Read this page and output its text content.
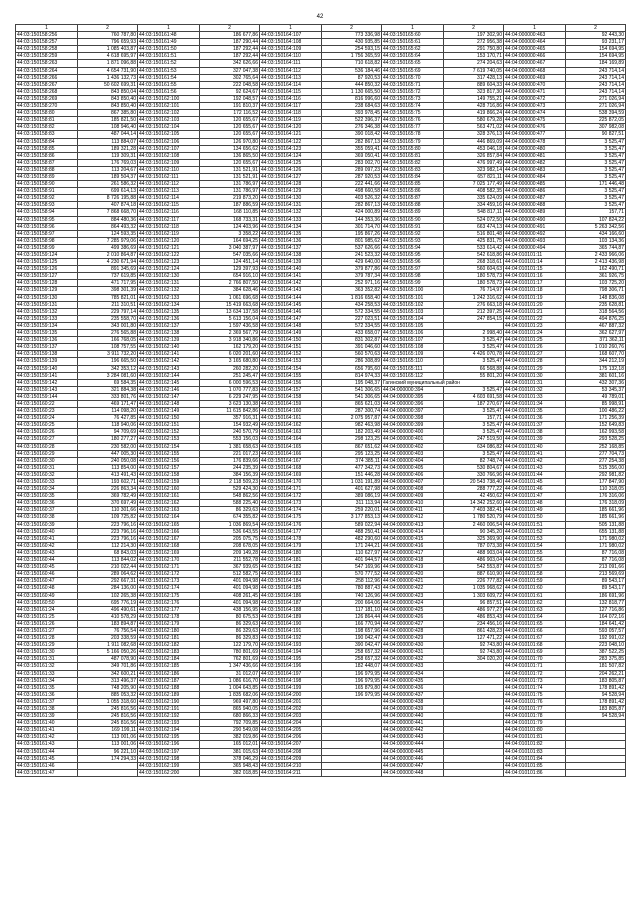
42
1	2	1	2	1	2	1	2	1	2
44:03:150158:256	760 787,80	44:03:150161:48	186 677,86	44:03:150164:107	773 336,98	44:03:150165:60	197 302,90	44:04:000000:463	92 443,30
44:03:150158:257	796 659,93	44:03:150161:49	187 290,44	44:03:150164:108	430 935,85	44:03:150165:61	272 956,38	44:04:000000:464	93 231,17
44:03:150158:258	1 085 403,87	44:03:150161:50	187 292,44	44:03:150164:109	254 593,15	44:03:150165:62	291 750,80	44:04:000000:465	154 694,95
44:03:150158:259	4 618 695,97	44:03:150161:51	187 292,44	44:03:150164:110	1 756 365,59	44:03:150165:64	153 170,71	44:04:000000:466	154 694,95
44:03:150158:263	1 871 096,88	44:03:150161:52	342 626,66	44:03:150164:111	710 618,82	44:03:150165:65	274 204,63	44:04:000000:467	184 169,89
44:03:150158:264	4 654 731,90	44:03:150161:53	327 047,38	44:03:150164:112	536 184,46	44:03:150165:69	7 619 740,05	44:04:000000:468	243 714,14
44:03:150158:266	1 436 132,73	44:03:150161:54	302 765,64	44:03:150164:113	87 920,53	44:03:150165:70	317 428,13	44:04:000000:469	243 714,14
44:03:150158:267	50 602 699,31	44:03:150161:55	222 048,58	44:03:150164:114	444 850,32	44:03:150165:71	889 604,33	44:04:000000:470	243 714,14
44:03:150158:268	843 850,04	44:03:150161:56	92 624,67	44:03:150164:115	1 130 665,50	44:03:150165:72	323 817,30	44:04:000000:471	243 714,14
44:03:150158:269	843 850,40	44:03:150162:100	192 048,57	44:03:150164:116	816 996,60	44:03:150165:73	149 755,21	44:04:000000:472	271 026,94
44:03:150158:270	843 850,40	44:03:150162:101	191 810,37	44:03:150164:117	238 684,63	44:03:150165:74	428 716,86	44:04:000000:473	271 026,94
44:03:150158:80	867 385,80	44:03:150162:102	172 116,52	44:03:150164:118	393 978,45	44:03:150165:75	419 866,24	44:04:000000:474	538 394,59
44:03:150158:81	185 821,50	44:03:150162:103	120 655,67	44:03:150164:119	522 396,37	44:03:150165:76	580 679,28	44:04:000000:475	225 872,05
44:03:150158:82	108 946,40	44:03:150162:104	120 655,67	44:03:150164:120	276 346,38	44:03:150165:77	563 471,02	44:04:000000:476	307 982,08
44:03:150158:83	487 044,14	44:03:150162:105	120 655,67	44:03:150164:121	390 018,42	44:03:150165:78	328 376,13	44:04:000000:477	90 827,51
44:03:150158:84	113 884,07	44:03:150162:106	126 970,80	44:03:150164:122	282 867,13	44:03:150165:79	446 869,09	44:04:000000:478	3 525,47
44:03:150158:85	189 321,28	44:03:150162:107	134 656,62	44:03:150164:123	355 059,41	44:03:150165:80	453 046,18	44:04:000000:480	3 525,47
44:03:150158:86	119 309,31	44:03:150162:108	136 865,50	44:03:150164:124	369 050,41	44:03:150165:81	326 857,84	44:04:000000:481	3 525,47
44:03:150158:87	176 769,03	44:03:150162:109	120 655,67	44:03:150164:125	283 002,70	44:03:150165:82	476 997,49	44:04:000000:482	3 525,47
44:03:150158:88	113 204,67	44:03:150162:110	131 521,91	44:03:150164:126	289 097,23	44:03:150165:83	323 982,14	44:04:000000:483	3 525,47
44:03:150158:89	189 504,37	44:03:150162:111	131 521,91	44:03:150164:127	287 920,53	44:03:150165:84	657 821,11	44:04:000000:484	3 525,47
44:03:150158:90	261 586,32	44:03:150162:112	131 786,97	44:03:150164:128	222 441,66	44:03:150165:85	7 025 177,49	44:04:000000:485	171 446,48
44:03:150158:91	699 614,13	44:03:150162:113	131 786,97	44:03:150164:129	498 660,58	44:03:150165:86	408 582,35	44:04:000000:486	3 525,47
44:03:150158:92	8 726 195,88	44:03:150162:114	219 873,20	44:03:150164:130	403 526,32	44:03:150165:87	335 624,09	44:04:000000:487	3 525,47
44:03:150158:93	407 874,18	44:03:150162:115	187 886,59	44:03:150164:131	282 867,13	44:03:150165:88	334 459,16	44:04:000000:488	3 525,47
44:03:150158:94	7 868 668,70	44:03:150162:116	168 110,85	44:03:150164:132	424 000,89	44:03:150165:89	548 817,11	44:04:000000:489	157,71
44:03:150158:95	884 480,36	44:03:150162:117	168 733,31	44:03:150164:133	144 353,36	44:03:150165:90	524 072,50	44:04:000000:490	107 824,22
44:03:150158:96	864 493,32	44:03:150162:118	124 403,96	44:03:150164:134	301 714,70	44:03:150165:91	663 474,13	44:04:000000:491	5 263 342,56
44:03:150158:97	124 593,35	44:03:150162:119	3 358,22	44:03:150164:135	195 867,26	44:03:150165:92	516 801,48	44:04:000000:492	434 166,60
44:03:150158:98	7 285 979,06	44:03:150162:120	164 694,25	44:03:150164:136	801 985,62	44:03:150165:93	425 831,75	44:04:000000:493	103 134,36
44:03:150158:99	499 386,69	44:03:150162:121	3 040 387,97	44:03:150164:137	537 626,66	44:03:150165:94	533 614,42	44:04:000000:494	365 744,87
44:03:150159:124	2 010 864,87	44:03:150162:122	547 035,66	44:03:150164:138	241 523,32	44:03:150165:95	542 618,86	44:04:010101:11	2 433 966,06
44:03:150159:125	4 230 671,94	44:03:150162:123	124 451,14	44:03:150164:139	429 640,00	44:03:150165:96	268 318,61	44:04:010101:14	2 413 436,98
44:03:150159:126	891 345,69	44:03:150162:124	129 397,93	44:03:150164:140	379 877,86	44:03:150165:97	560 604,63	44:04:010101:15	162 490,71
44:03:150159:127	737 619,85	44:03:150162:130	654 916,10	44:03:150164:141	379 787,34	44:03:150165:98	180 578,73	44:04:010101:16	361 926,75
44:03:150159:128	471 717,95	44:03:150162:131	2 766 807,50	44:03:150164:142	252 971,16	44:03:150165:99	180 578,73	44:04:010101:17	103 725,20
44:03:150159:129	398 301,39	44:03:150162:132	384 628,46	44:03:150164:143	363 352,82	44:03:150165:100	76 714,97	44:04:010101:18	798 306,71
44:03:150159:130	785 821,01	44:03:150162:133	1 061 696,68	44:03:150164:144	1 816 658,40	44:03:150165:101	1 242 316,62	44:04:010101:19	148 836,08
44:03:150159:131	211 310,51	44:03:150162:134	15 419 663,68	44:03:150164:145	434 258,53	44:03:150165:102	276 663,18	44:04:010101:20	235 628,81
44:03:150159:132	229 797,14	44:03:150162:135	13 634 137,58	44:03:150164:146	572 334,55	44:03:150165:103	212 397,25	44:04:010101:21	318 564,56
44:03:150159:133	235 558,70	44:03:150162:136	5 613 156,04	44:03:150164:147	227 023,51	44:03:150165:104	247 854,15	44:04:010101:22	494 876,25
44:03:150159:134	343 001,80	44:03:150162:137	1 597 436,58	44:03:150164:148	572 334,55	44:03:150165:105		44:04:010101:23	467 887,32
44:03:150159:135	276 565,88	44:03:150162:138	2 369 567,79	44:03:150164:149	433 658,07	44:03:150165:106	2 998,40	44:04:010101:24	362 627,97
44:03:150159:136	166 768,05	44:03:150162:139	3 918 340,86	44:03:150164:150	831 302,87	44:03:150165:107	3 525,47	44:04:010101:25	371 362,11
44:03:150159:137	108 757,55	44:03:150162:140	162 179,20	44:03:150164:151	391 046,60	44:03:150165:108	3 525,47	44:04:010101:26	1 010 260,76
44:03:150159:138	3 911 732,20	44:03:150162:141	6 020 201,60	44:03:150164:152	560 570,63	44:03:150165:109	4 426 070,78	44:04:010101:27	168 607,70
44:03:150159:139	196 665,50	44:03:150162:142	3 165 680,80	44:03:150164:153	286 308,89	44:03:150165:110	3 525,47	44:04:010101:28	344 212,19
44:03:150159:140	342 353,12	44:03:150162:143	260 282,20	44:03:150164:154	656 795,60	44:03:150165:111	66 568,88	44:04:010101:29	175 132,18
44:03:150159:141	3 284 081,60	44:03:150162:144	251 245,47	44:03:150164:155	814 974,33	44:03:150165:112	55 801,20	44:04:010101:30	381 601,16
44:03:150159:142	69 584,35	44:03:150162:145	6 000 596,53	44:03:150164:156	195 048,37	Гагинский муниципальный район		44:04:010101:31	432 307,36
44:03:150159:143	321 884,38	44:03:150162:146	1 070 777,83	44:03:150164:157	541 306,65	44:04:000000:394	3 525,47	44:04:010101:32	53 345,37
44:03:150159:144	333 801,76	44:03:150162:147	6 229 247,95	44:03:150164:158	541 306,65	44:04:000000:395	4 603 691,58	44:04:010101:33	49 789,01
44:03:150160:22	469 171,47	44:03:150162:148	3 623 130,38	44:03:150164:159	865 621,03	44:04:000000:396	187 270,67	44:04:010101:34	85 998,91
44:03:150160:23	114 098,20	44:03:150162:149	11 615 842,86	44:03:150164:160	287 300,74	44:04:000000:397	3 525,47	44:04:010101:35	100 486,22
44:03:150160:24	76 427,85	44:03:150162:150	357 916,31	44:03:150164:161	2 075 957,87	44:04:000000:398	157,71	44:04:010101:36	171 256,39
44:03:150160:25	118 940,06	44:03:150162:151	154 932,49	44:03:150164:162	982 463,98	44:04:000000:399	3 525,47	44:04:010101:37	152 649,83
44:03:150160:26	94 709,69	44:03:150162:152	240 570,79	44:03:150164:163	182 203,49	44:04:000000:400	3 525,47	44:04:010101:38	162 993,58
44:03:150160:27	180 277,27	44:03:150162:153	553 156,03	44:03:150164:164	298 123,25	44:04:000000:401	247 519,50	44:04:010101:39	293 528,25
44:03:150160:28	230 582,00	44:03:150162:154	1 381 658,63	44:03:150164:165	867 651,62	44:04:000000:402	634 086,82	44:04:010101:40	252 168,85
44:03:150160:29	447 005,30	44:03:150162:155	221 017,23	44:03:150164:166	295 123,25	44:04:000000:403	3 525,47	44:04:010101:41	277 704,73
44:03:150160:30	240 050,08	44:03:150162:156	176 839,66	44:03:150164:167	374 385,11	44:04:000000:404	82 748,74	44:04:010101:42	277 254,38
44:03:150160:31	113 854,00	44:03:150162:157	244 235,39	44:03:150164:168	477 342,73	44:04:000000:405	530 804,67	44:04:010101:43	515 356,00
44:03:150160:32	413 491,43	44:03:150162:158	384 156,39	44:03:150164:169	151 446,28	44:04:000000:406	330 766,96	44:04:010101:44	292 981,82
44:03:150160:33	193 602,71	44:03:150162:159	2 118 509,23	44:03:150164:170	1 031 191,89	44:04:000000:407	20 543 738,40	44:04:010101:45	177 847,90
44:03:150160:34	226 863,34	44:03:150162:160	529 424,30	44:03:150164:171	401 627,98	44:04:000000:408	288 777,22	44:04:010101:46	110 318,05
44:03:150160:35	369 782,49	44:03:150162:161	548 862,56	44:03:150164:172	389 086,19	44:04:000000:409	42 450,62	44:04:010101:47	176 316,06
44:03:150160:36	370 697,49	44:03:150162:162	588 225,40	44:03:150164:173	311 113,94	44:04:000000:410	14 342 252,60	44:04:010101:48	176 318,09
44:03:150160:37	110 301,66	44:03:150162:163	86 329,63	44:03:150164:174	259 220,01	44:04:000000:411	7 403 382,41	44:04:010101:49	185 661,96
44:03:150160:38	109 725,82	44:03:150162:164	674 355,82	44:03:150164:175	3 177 853,13	44:04:000000:412	1 780 520,79	44:04:010101:50	185 661,96
44:03:150160:39	223 796,16	44:03:150162:165	1 036 869,54	44:03:150164:176	589 022,94	44:04:000000:413	2 460 006,54	44:04:010101:51	505 131,88
44:03:150160:40	223 796,16	44:03:150162:166	536 643,55	44:03:150164:177	488 250,41	44:04:000000:414	90 345,20	44:04:010101:52	655 131,88
44:03:150160:41	223 796,16	44:03:150162:167	205 075,75	44:03:150164:178	482 290,60	44:04:000000:415	325 369,90	44:04:010101:53	171 980,02
44:03:150160:42	112 214,30	44:03:150162:168	208 678,05	44:03:150164:179	171 244,21	44:04:000000:416	787 073,38	44:04:010101:54	171 980,02
44:03:150160:43	68 843,03	44:03:150162:169	209 149,28	44:03:150164:180	110 627,97	44:04:000000:417	488 903,04	44:04:010101:55	87 716,08
44:03:150160:44	113 844,02	44:03:150162:170	211 552,78	44:03:150164:181	401 944,57	44:04:000000:418	486 903,04	44:04:010101:56	87 716,08
44:03:150160:45	210 022,44	44:03:150162:171	367 939,65	44:03:150164:182	547 169,96	44:04:000000:419	542 553,87	44:04:010101:57	213 091,66
44:03:150160:46	289 064,62	44:03:150162:172	512 582,75	44:03:150164:183	570 777,52	44:04:000000:420	887 610,90	44:04:010101:58	213 569,69
44:03:150160:47	292 667,31	44:03:150162:173	401 094,98	44:03:150164:184	258 112,96	44:04:000000:421	226 777,82	44:04:010101:59	89 543,17
44:03:150160:48	284 136,00	44:03:150162:174	401 094,98	44:03:150164:185	780 887,43	44:04:000000:422	1 035 968,62	44:04:010101:60	89 543,17
44:03:150160:49	102 265,38	44:03:150162:175	408 261,45	44:03:150164:186	740 126,96	44:04:000000:423	1 303 609,72	44:04:010101:61	186 691,96
44:03:150160:50	695 776,19	44:03:150162:176	401 094,98	44:03:150164:187	200 664,06	44:04:000000:424	96 857,51	44:04:010101:62	132 818,77
44:03:150161:24	496 490,61	44:03:150162:177	438 156,95	44:03:150164:188	117 181,10	44:04:000000:425	486 977,27	44:04:010101:63	127 716,86
44:03:150161:25	410 578,29	44:03:150162:178	80 675,53	44:03:150164:189	126 864,44	44:04:000000:426	486 853,43	44:04:010101:64	164 072,16
44:03:150161:26	183 894,87	44:03:150162:179	86 329,63	44:03:150164:190	166 770,94	44:04:000000:427	234 456,16	44:04:010101:65	184 641,42
44:03:150161:27	76 756,54	44:03:150162:180	86 329,63	44:03:150164:191	198 657,96	44:04:000000:428	861 428,23	44:04:010101:66	593 057,57
44:03:150161:28	203 338,59	44:03:150162:181	86 329,83	44:03:150164:192	190 042,47	44:04:000000:429	127 471,22	44:04:010101:67	192 991,02
44:03:150161:29	1 911 082,68	44:03:150162:182	122 179,70	44:03:150164:193	390 042,47	44:04:000000:430	92 743,80	44:04:010101:68	223 048,10
44:03:150161:30	5 166 050,26	44:03:150162:183	780 801,69	44:03:150164:194	258 657,32	44:04:000000:431	92 743,80	44:04:010101:69	387 522,25
44:03:150161:31	487 078,90	44:03:150162:184	762 801,69	44:03:150164:195	258 657,32	44:04:000000:432	304 020,20	44:04:010101:70	283 375,85
44:03:150161:32	349 701,86	44:03:150162:185	1 347 436,66	44:03:150164:196	182 448,07	44:04:000000:433		44:04:010101:71	181 507,82
44:03:150161:33	342 600,21	44:03:150162:186	31 012,07	44:03:150164:197	196 979,95	44:04:000000:434		44:04:010101:72	204 262,21
44:03:150161:34	313 496,37	44:03:150162:187	1 086 616,70	44:03:150164:198	196 979,95	44:04:000000:435		44:04:010101:73	183 805,87
44:03:150161:35	748 205,90	44:03:150162:188	1 004 643,85	44:03:150164:199	165 879,80	44:04:000000:436		44:04:010101:74	178 891,42
44:03:150161:36	885 053,32	44:03:150162:189	1 835 682,06	44:03:150164:200	196 979,95	44:04:000000:437		44:04:010101:75	94 528,94
44:03:150161:37	1 055 318,60	44:03:150162:190	969 497,80	44:03:150164:201		44:04:000000:438		44:04:010101:76	178 891,42
44:03:150161:38	245 816,56	44:03:150162:191	865 940,05	44:03:150164:202		44:04:000000:439		44:04:010101:77	183 805,87
44:03:150161:39	245 816,56	44:03:150162:192	680 866,33	44:03:150164:203		44:04:000000:440		44:04:010101:78	94 528,94
44:03:150161:40	245 816,56	44:03:150162:193	792 709,85	44:03:150164:204		44:04:000000:441		44:04:010101:79	
44:03:150161:41	169 199,11	44:03:150162:194	290 549,08	44:03:150164:205		44:04:000000:442		44:04:010101:80	
44:03:150161:42	113 001,06	44:03:150162:195	382 019,86	44:03:150164:206		44:04:000000:443		44:04:010101:81	
44:03:150161:43	113 001,06	44:03:150162:196	165 012,01	44:03:150164:207		44:04:000000:444		44:04:010101:82	
44:03:150161:44	96 221,10	44:03:150162:197	381 015,63	44:03:150164:208		44:04:000000:445		44:04:010101:83	
44:03:150161:45	174 294,33	44:03:150162:198	378 046,29	44:03:150164:209		44:04:000000:446		44:04:010101:84	
44:03:150161:46		44:03:150162:199	365 948,43	44:03:150164:210		44:04:000000:447		44:04:010101:85	
44:03:150161:47		44:03:150162:200	382 018,85	44:03:150164:211		44:04:000000:448		44:04:010101:86	
